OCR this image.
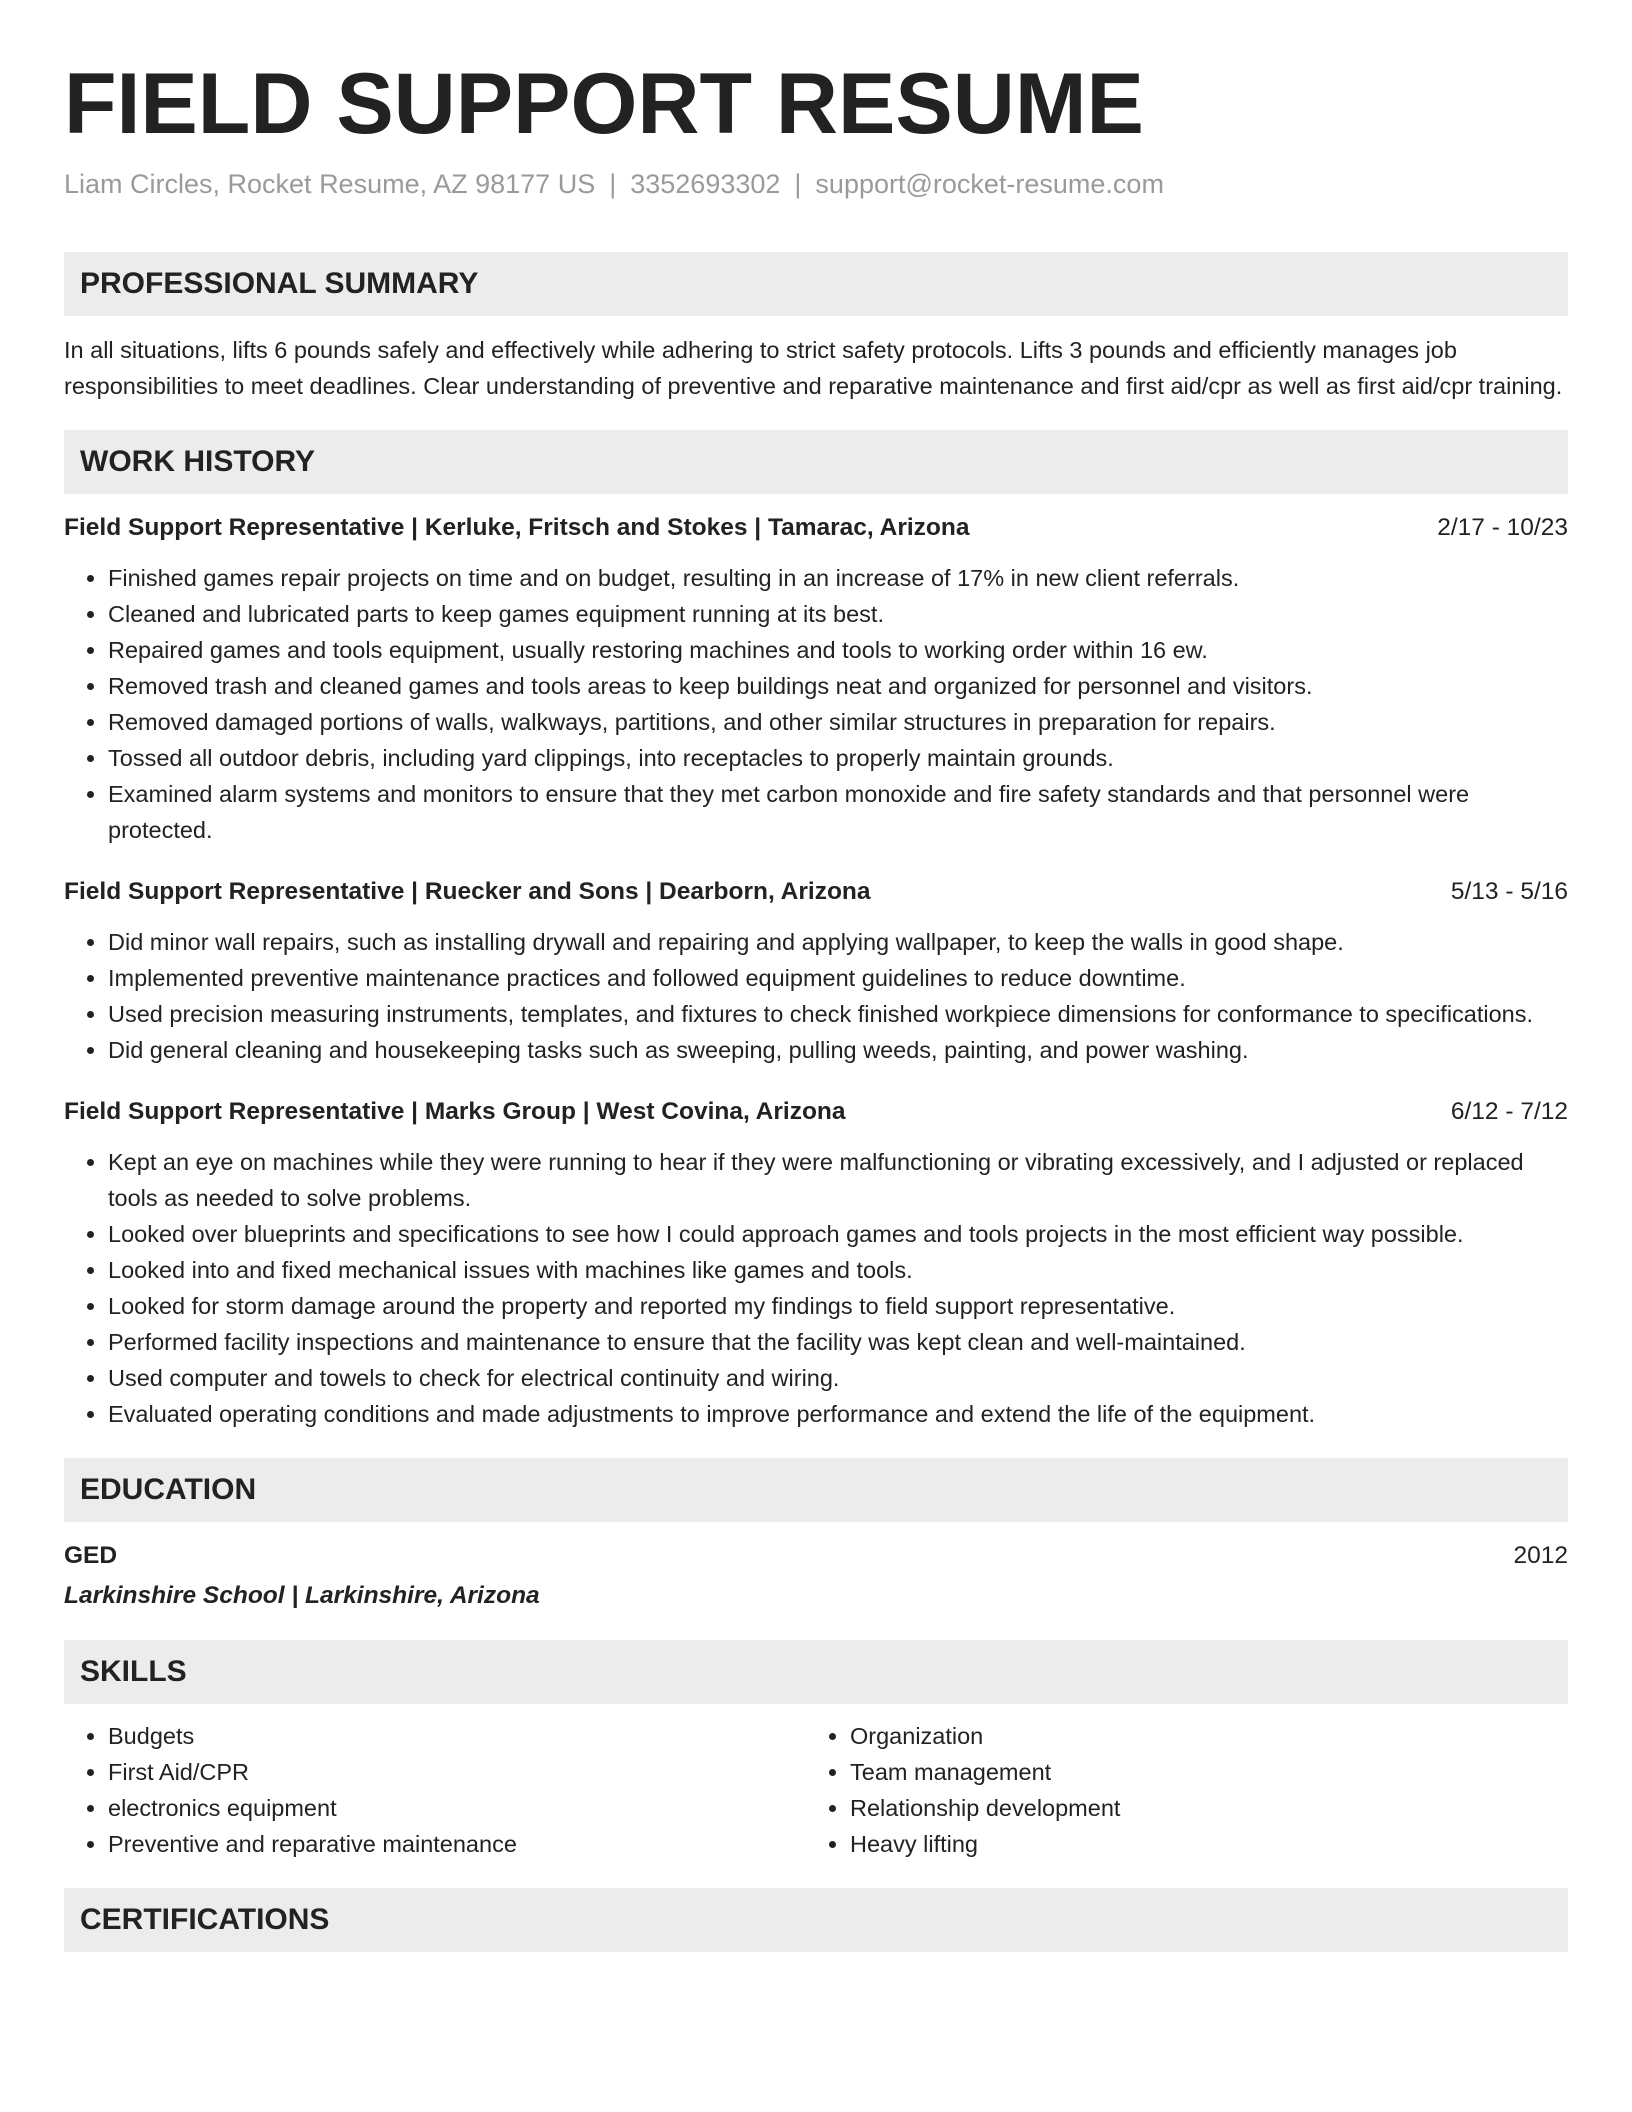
FIELD SUPPORT RESUME
Liam Circles, Rocket Resume, AZ 98177 US | 3352693302 | support@rocket-resume.com
PROFESSIONAL SUMMARY
In all situations, lifts 6 pounds safely and effectively while adhering to strict safety protocols. Lifts 3 pounds and efficiently manages job responsibilities to meet deadlines. Clear understanding of preventive and reparative maintenance and first aid/cpr as well as first aid/cpr training.
WORK HISTORY
Field Support Representative | Kerluke, Fritsch and Stokes | Tamarac, Arizona	2/17 - 10/23
• Finished games repair projects on time and on budget, resulting in an increase of 17% in new client referrals.
• Cleaned and lubricated parts to keep games equipment running at its best.
• Repaired games and tools equipment, usually restoring machines and tools to working order within 16 ew.
• Removed trash and cleaned games and tools areas to keep buildings neat and organized for personnel and visitors.
• Removed damaged portions of walls, walkways, partitions, and other similar structures in preparation for repairs.
• Tossed all outdoor debris, including yard clippings, into receptacles to properly maintain grounds.
• Examined alarm systems and monitors to ensure that they met carbon monoxide and fire safety standards and that personnel were protected.
Field Support Representative | Ruecker and Sons | Dearborn, Arizona	5/13 - 5/16
• Did minor wall repairs, such as installing drywall and repairing and applying wallpaper, to keep the walls in good shape.
• Implemented preventive maintenance practices and followed equipment guidelines to reduce downtime.
• Used precision measuring instruments, templates, and fixtures to check finished workpiece dimensions for conformance to specifications.
• Did general cleaning and housekeeping tasks such as sweeping, pulling weeds, painting, and power washing.
Field Support Representative | Marks Group | West Covina, Arizona	6/12 - 7/12
• Kept an eye on machines while they were running to hear if they were malfunctioning or vibrating excessively, and I adjusted or replaced tools as needed to solve problems.
• Looked over blueprints and specifications to see how I could approach games and tools projects in the most efficient way possible.
• Looked into and fixed mechanical issues with machines like games and tools.
• Looked for storm damage around the property and reported my findings to field support representative.
• Performed facility inspections and maintenance to ensure that the facility was kept clean and well-maintained.
• Used computer and towels to check for electrical continuity and wiring.
• Evaluated operating conditions and made adjustments to improve performance and extend the life of the equipment.
EDUCATION
GED	2012
Larkinshire School | Larkinshire, Arizona
SKILLS
• Budgets
• First Aid/CPR
• electronics equipment
• Preventive and reparative maintenance
• Organization
• Team management
• Relationship development
• Heavy lifting
CERTIFICATIONS
